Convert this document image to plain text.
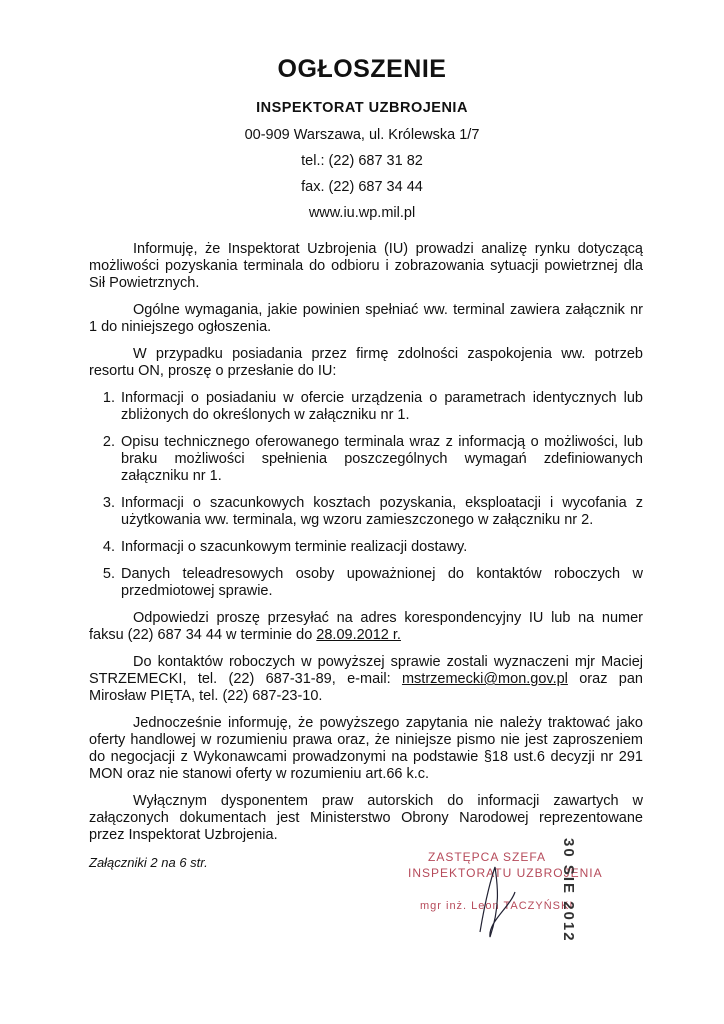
OGŁOSZENIE
INSPEKTORAT UZBROJENIA
00-909 Warszawa, ul. Królewska 1/7
tel.: (22) 687 31 82
fax. (22) 687 34 44
www.iu.wp.mil.pl

Informuję, że Inspektorat Uzbrojenia (IU) prowadzi analizę rynku dotyczącą możliwości pozyskania terminala do odbioru i zobrazowania sytuacji powietrznej dla Sił Powietrznych.

Ogólne wymagania, jakie powinien spełniać ww. terminal zawiera załącznik nr 1 do niniejszego ogłoszenia.

W przypadku posiadania przez firmę zdolności zaspokojenia ww. potrzeb resortu ON, proszę o przesłanie do IU:

1. Informacji o posiadaniu w ofercie urządzenia o parametrach identycznych lub zbliżonych do określonych w załączniku nr 1.
2. Opisu technicznego oferowanego terminala wraz z informacją o możliwości, lub braku możliwości spełnienia poszczególnych wymagań zdefiniowanych załączniku nr 1.
3. Informacji o szacunkowych kosztach pozyskania, eksploatacji i wycofania z użytkowania ww. terminala, wg wzoru zamieszczonego w załączniku nr 2.
4. Informacji o szacunkowym terminie realizacji dostawy.
5. Danych teleadresowych osoby upoważnionej do kontaktów roboczych w przedmiotowej sprawie.

Odpowiedzi proszę przesyłać na adres korespondencyjny IU lub na numer faksu (22) 687 34 44 w terminie do 28.09.2012 r.

Do kontaktów roboczych w powyższej sprawie zostali wyznaczeni mjr Maciej STRZEMECKI, tel. (22) 687-31-89, e-mail: mstrzemecki@mon.gov.pl oraz pan Mirosław PIĘTA, tel. (22) 687-23-10.

Jednocześnie informuję, że powyższego zapytania nie należy traktować jako oferty handlowej w rozumieniu prawa oraz, że niniejsze pismo nie jest zaproszeniem do negocjacji z Wykonawcami prowadzonymi na podstawie §18 ust.6 decyzji nr 291 MON oraz nie stanowi oferty w rozumieniu art.66 k.c.

Wyłącznym dysponentem praw autorskich do informacji zawartych w załączonych dokumentach jest Ministerstwo Obrony Narodowej reprezentowane przez Inspektorat Uzbrojenia.

Załączniki 2 na 6 str.	ZASTĘPCA SZEFA
INSPEKTORATU UZBROJENIA
mgr inż. Leon TACZYŃSKI
30 SIE 2012
